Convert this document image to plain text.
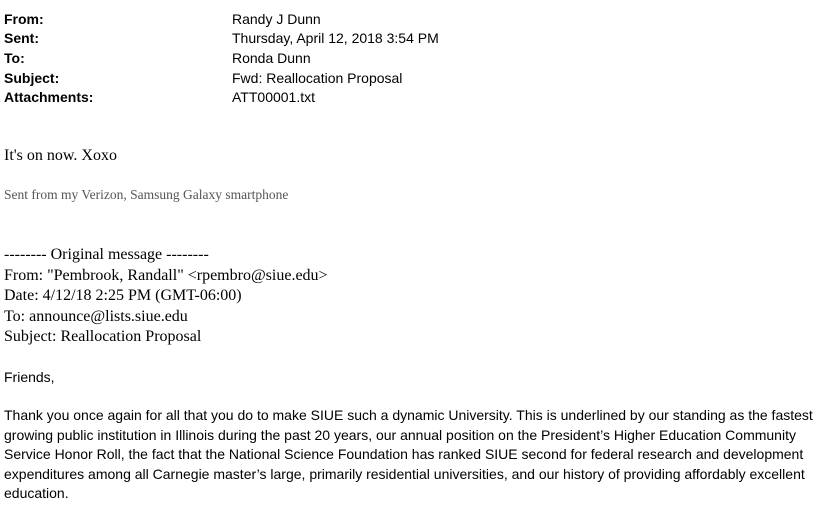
From:	Randy J Dunn
Sent:	Thursday, April 12, 2018 3:54 PM
To:	Ronda Dunn
Subject:	Fwd: Reallocation Proposal
Attachments:	ATT00001.txt
It's on now. Xoxo
Sent from my Verizon, Samsung Galaxy smartphone
-------- Original message --------
From: "Pembrook, Randall" <rpembro@siue.edu>
Date: 4/12/18 2:25 PM (GMT-06:00)
To: announce@lists.siue.edu
Subject: Reallocation Proposal
Friends,
Thank you once again for all that you do to make SIUE such a dynamic University. This is underlined by our standing as the fastest growing public institution in Illinois during the past 20 years, our annual position on the President’s Higher Education Community Service Honor Roll, the fact that the National Science Foundation has ranked SIUE second for federal research and development expenditures among all Carnegie master’s large, primarily residential universities, and our history of providing affordably excellent education.
